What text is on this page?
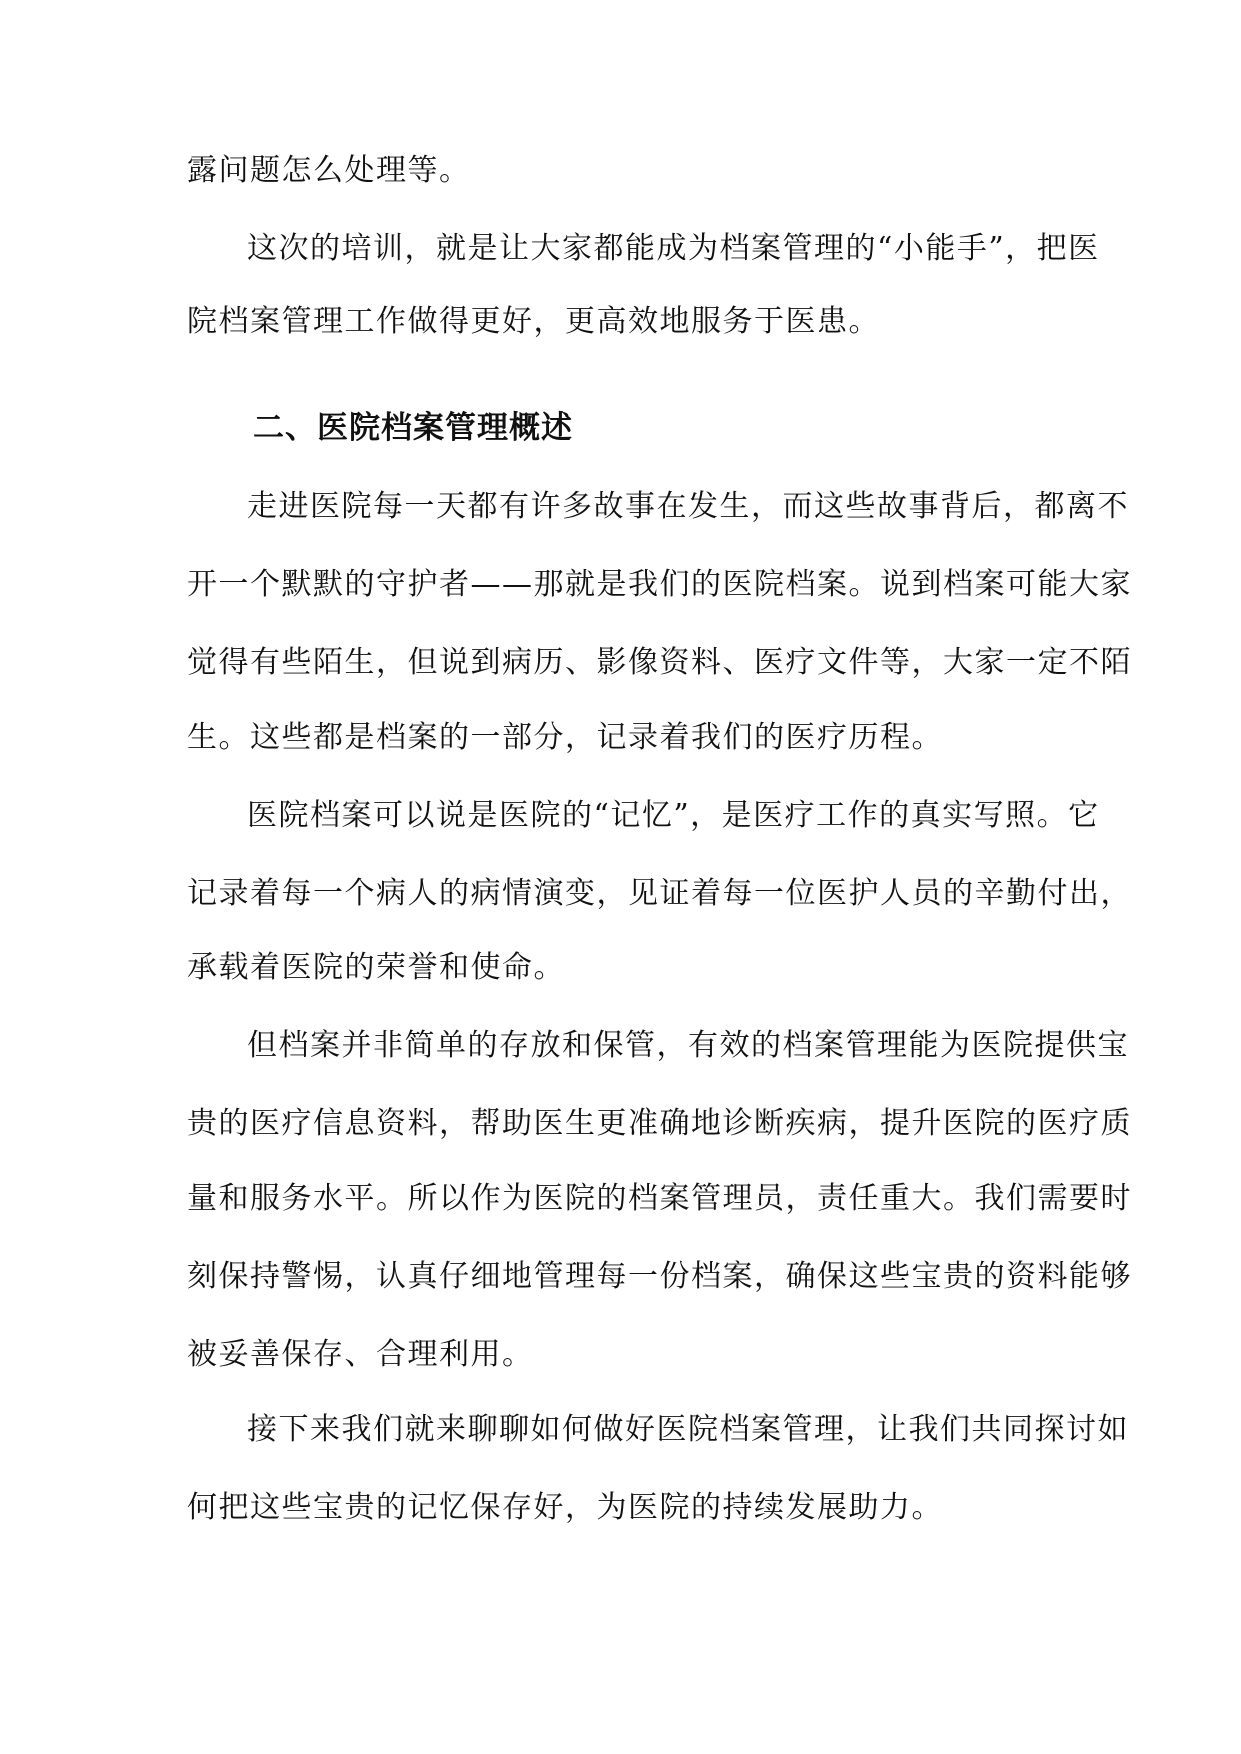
露问题怎么处理等。
这次的培训，就是让大家都能成为档案管理的“小能手”，把医
院档案管理工作做得更好，更高效地服务于医患。
二、医院档案管理概述
走进医院每一天都有许多故事在发生，而这些故事背后，都离不
开一个默默的守护者——那就是我们的医院档案。说到档案可能大家
觉得有些陌生，但说到病历、影像资料、医疗文件等，大家一定不陌
生。这些都是档案的一部分，记录着我们的医疗历程。
医院档案可以说是医院的“记忆”，是医疗工作的真实写照。它
记录着每一个病人的病情演变，见证着每一位医护人员的辛勤付出，
承载着医院的荣誉和使命。
但档案并非简单的存放和保管，有效的档案管理能为医院提供宝
贵的医疗信息资料，帮助医生更准确地诊断疾病，提升医院的医疗质
量和服务水平。所以作为医院的档案管理员，责任重大。我们需要时
刻保持警惕，认真仔细地管理每一份档案，确保这些宝贵的资料能够
被妥善保存、合理利用。
接下来我们就来聊聊如何做好医院档案管理，让我们共同探讨如
何把这些宝贵的记忆保存好，为医院的持续发展助力。
